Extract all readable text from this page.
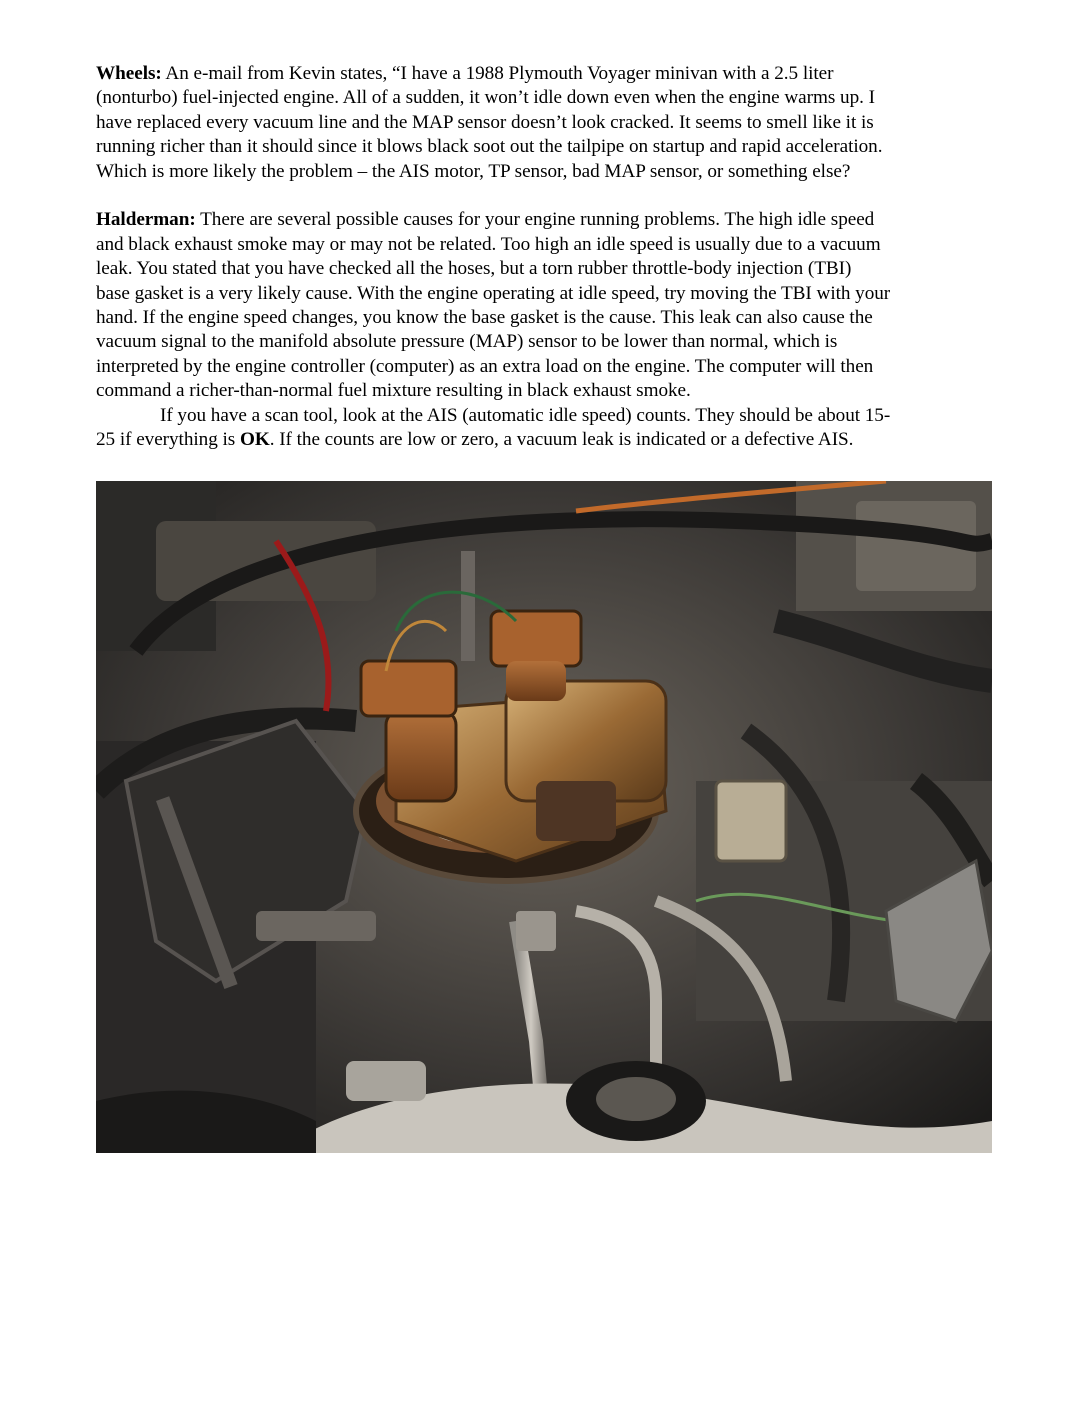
Wheels: An e-mail from Kevin states, “I have a 1988 Plymouth Voyager minivan with a 2.5 liter
(nonturbo) fuel-injected engine. All of a sudden, it won’t idle down even when the engine warms up. I
have replaced every vacuum line and the MAP sensor doesn’t look cracked. It seems to smell like it is
running richer than it should since it blows black soot out the tailpipe on startup and rapid acceleration.
Which is more likely the problem – the AIS motor, TP sensor, bad MAP sensor, or something else?
Halderman: There are several possible causes for your engine running problems. The high idle speed
and black exhaust smoke may or may not be related. Too high an idle speed is usually due to a vacuum
leak. You stated that you have checked all the hoses, but a torn rubber throttle-body injection (TBI)
base gasket is a very likely cause. With the engine operating at idle speed, try moving the TBI with your
hand. If the engine speed changes, you know the base gasket is the cause. This leak can also cause the
vacuum signal to the manifold absolute pressure (MAP) sensor to be lower than normal, which is
interpreted by the engine controller (computer) as an extra load on the engine. The computer will then
command a richer-than-normal fuel mixture resulting in black exhaust smoke.
If you have a scan tool, look at the AIS (automatic idle speed) counts. They should be about 15-
25 if everything is OK. If the counts are low or zero, a vacuum leak is indicated or a defective AIS.
